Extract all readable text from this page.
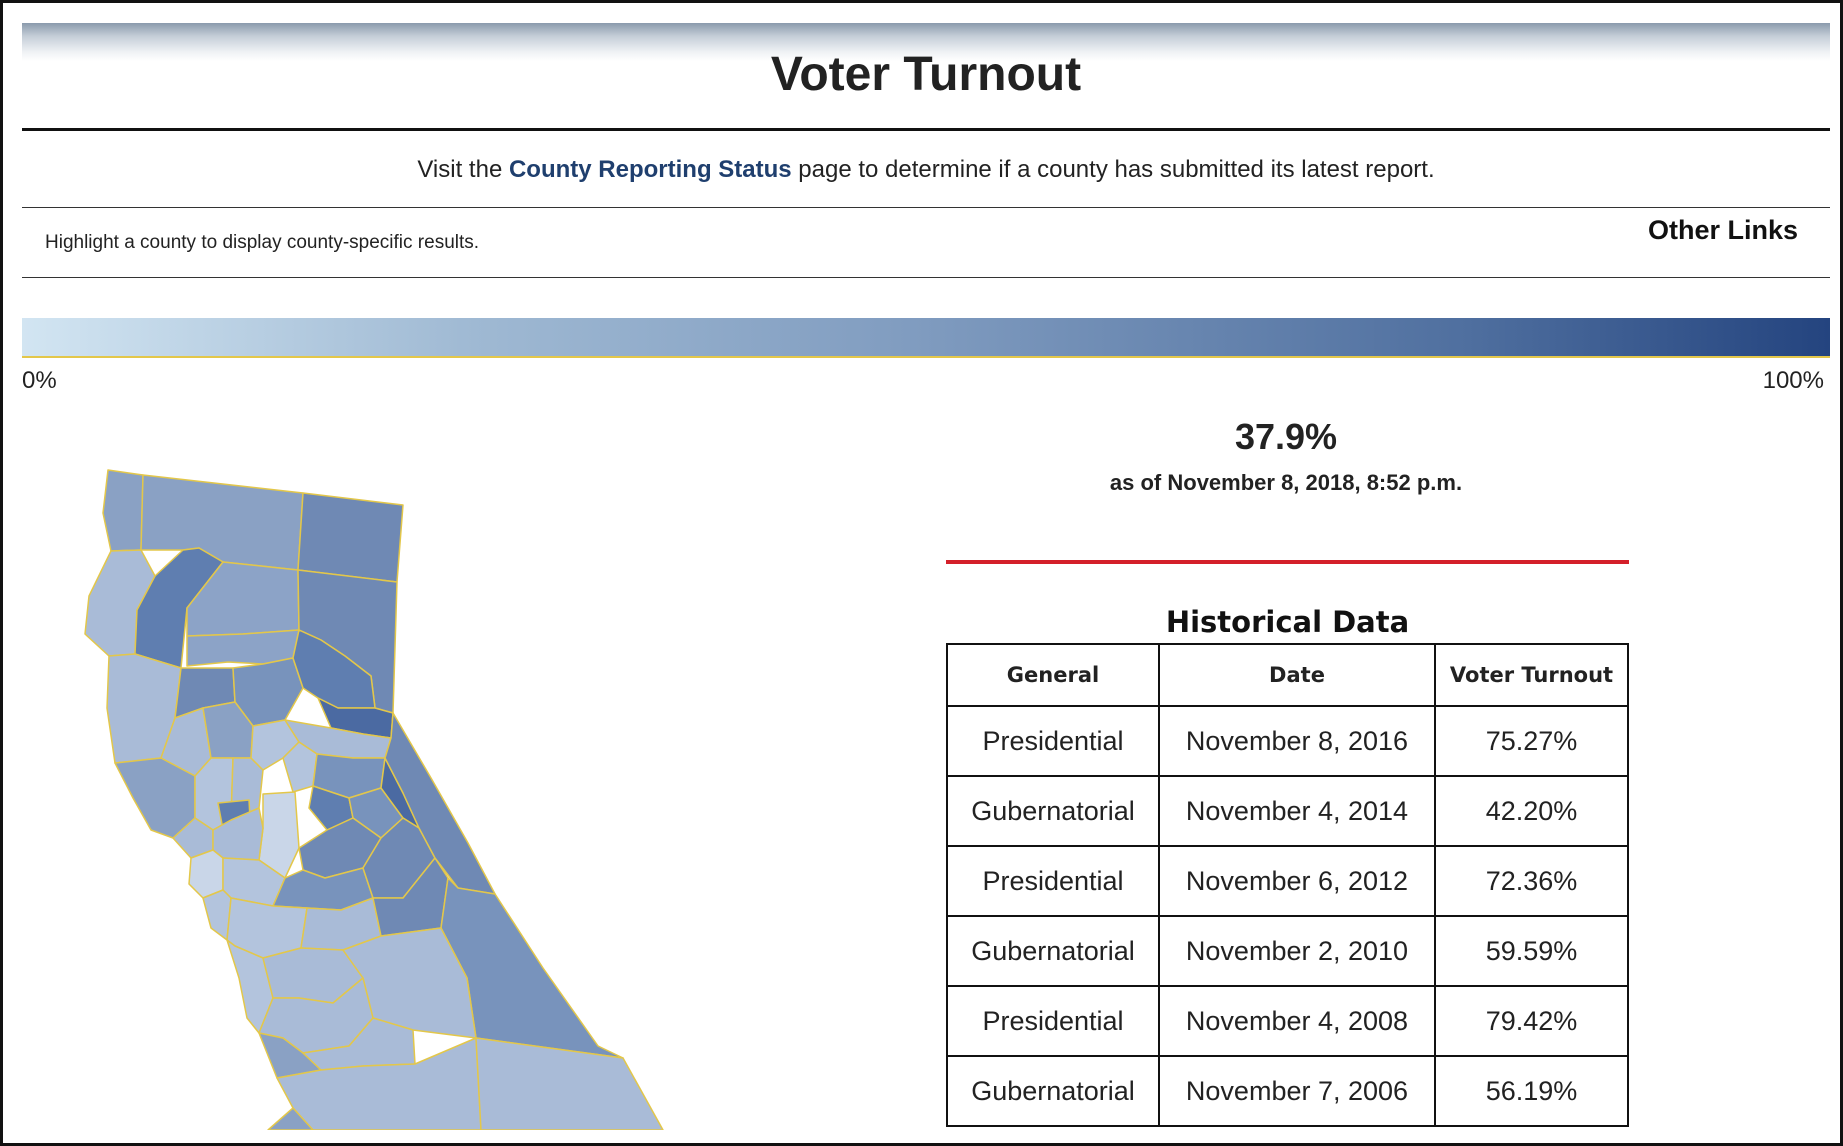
Voter Turnout
Visit the County Reporting Status page to determine if a county has submitted its latest report.
Highlight a county to display county-specific results.	Other Links
0%	100%
37.9%
as of November 8, 2018, 8:52 p.m.
Historical Data
General	Date	Voter Turnout
Presidential	November 8, 2016	75.27%
Gubernatorial	November 4, 2014	42.20%
Presidential	November 6, 2012	72.36%
Gubernatorial	November 2, 2010	59.59%
Presidential	November 4, 2008	79.42%
Gubernatorial	November 7, 2006	56.19%
